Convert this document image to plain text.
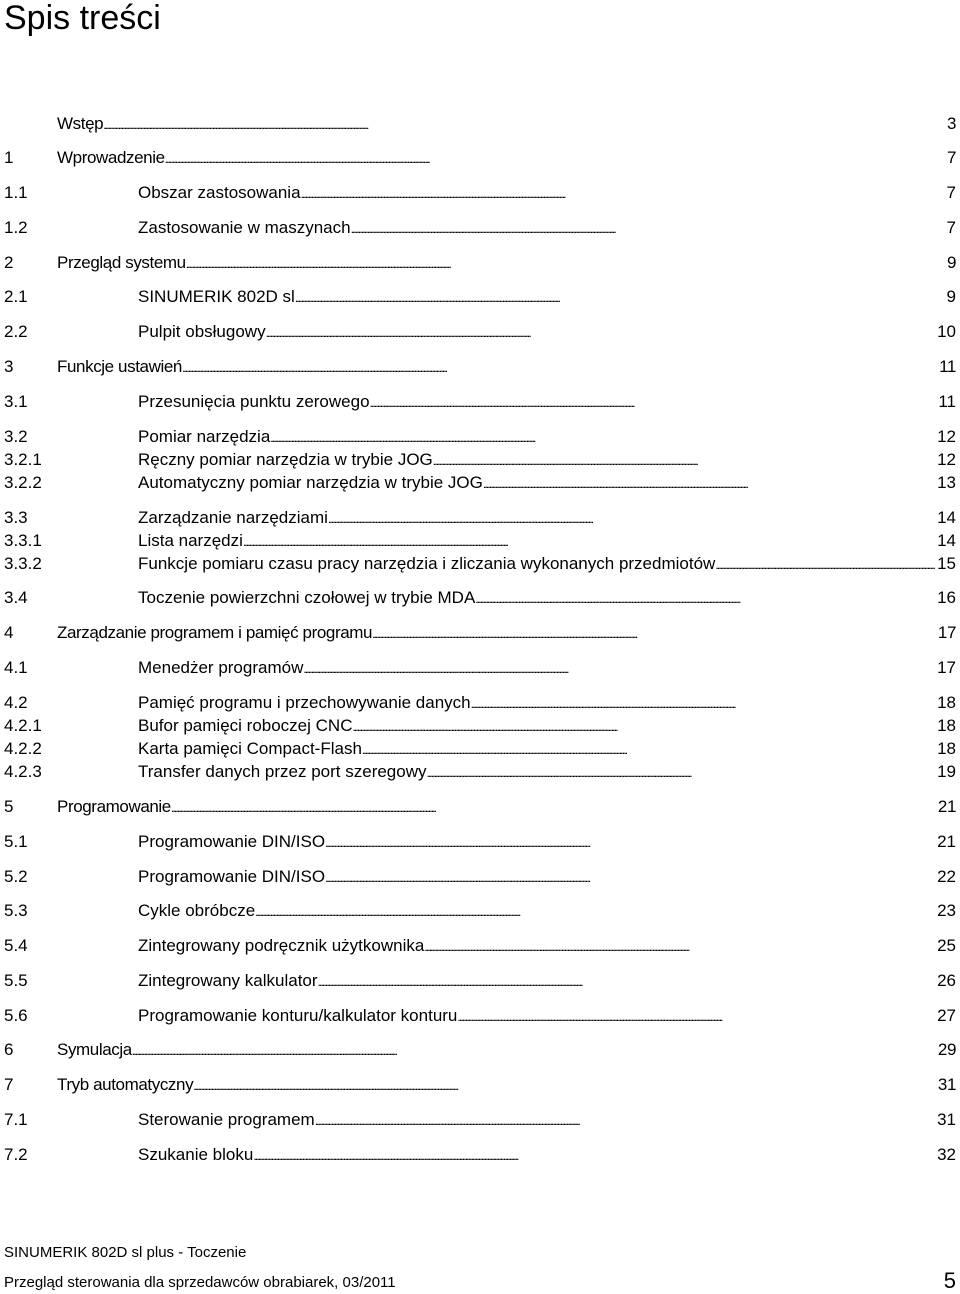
Spis treści
Wstęp . . .	3
1	Wprowadzenie . . .	7
1.1	Obszar zastosowania . . .	7
1.2	Zastosowanie w maszynach . . .	7
2	Przegląd systemu . . .	9
2.1	SINUMERIK 802D sl . . .	9
2.2	Pulpit obsługowy . . .	10
3	Funkcje ustawień . . .	11
3.1	Przesunięcia punktu zerowego . . .	11
3.2	Pomiar narzędzia . . .	12
3.2.1	Ręczny pomiar narzędzia w trybie JOG . . .	12
3.2.2	Automatyczny pomiar narzędzia w trybie JOG . . .	13
3.3	Zarządzanie narzędziami . . .	14
3.3.1	Lista narzędzi . . .	14
3.3.2	Funkcje pomiaru czasu pracy narzędzia i zliczania wykonanych przedmiotów . . .	15
3.4	Toczenie powierzchni czołowej w trybie MDA . . .	16
4	Zarządzanie programem i pamięć programu . . .	17
4.1	Menedżer programów . . .	17
4.2	Pamięć programu i przechowywanie danych . . .	18
4.2.1	Bufor pamięci roboczej CNC . . .	18
4.2.2	Karta pamięci Compact-Flash . . .	18
4.2.3	Transfer danych przez port szeregowy . . .	19
5	Programowanie . . .	21
5.1	Programowanie DIN/ISO . . .	21
5.2	Programowanie DIN/ISO . . .	22
5.3	Cykle obróbcze . . .	23
5.4	Zintegrowany podręcznik użytkownika . . .	25
5.5	Zintegrowany kalkulator . . .	26
5.6	Programowanie konturu/kalkulator konturu . . .	27
6	Symulacja . . .	29
7	Tryb automatyczny . . .	31
7.1	Sterowanie programem . . .	31
7.2	Szukanie bloku . . .	32
SINUMERIK 802D sl plus - Toczenie
Przegląd sterowania dla sprzedawców obrabiarek, 03/2011	5
